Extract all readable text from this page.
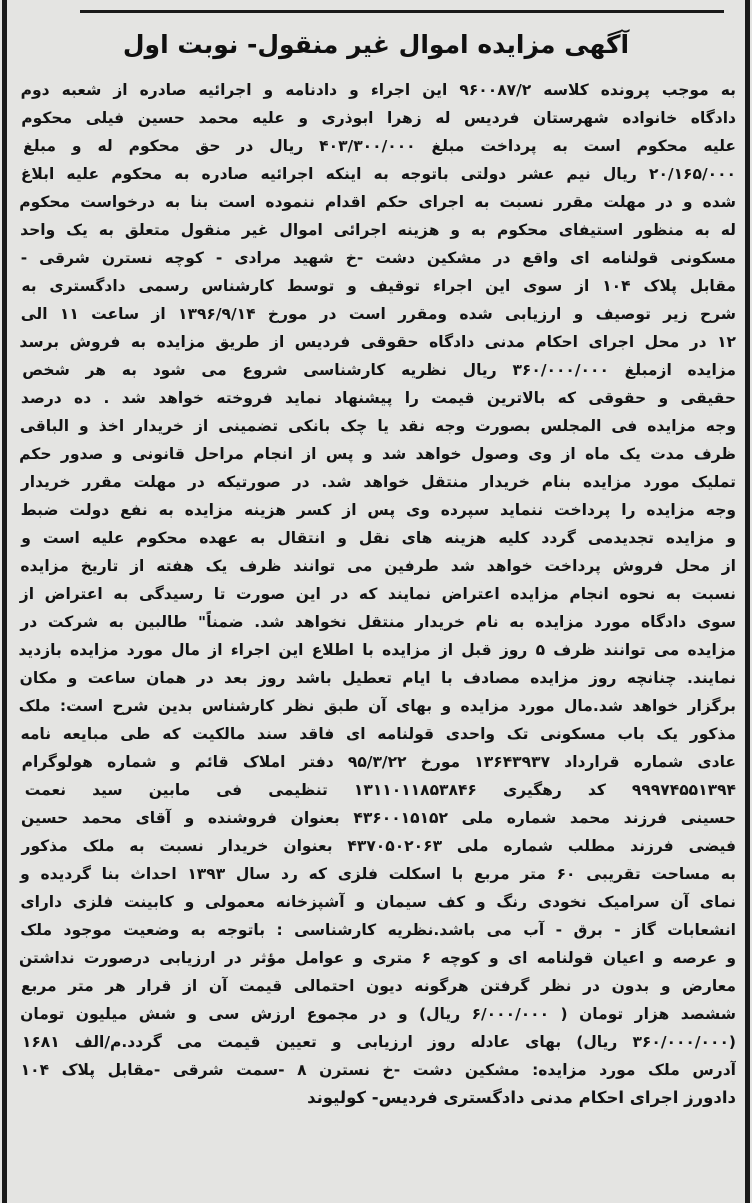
آگهی مزایده اموال غیر منقول- نوبت اول
به موجب پرونده کلاسه ۹۶۰۰۸۷/۲ این اجراء و دادنامه و اجرائیه صادره از شعبه دوم
دادگاه خانواده شهرستان فردیس له زهرا ابوذری و علیه محمد حسین فیلی محکوم
علیه محکوم است به پرداخت مبلغ ۴۰۳/۳۰۰/۰۰۰ ریال در حق محکوم له و مبلغ
۲۰/۱۶۵/۰۰۰ ریال نیم عشر دولتی باتوجه به اینکه اجرائیه صادره به محکوم علیه ابلاغ
شده و در مهلت مقرر نسبت به اجرای حکم اقدام ننموده است بنا به درخواست محکوم
له به منظور استیفای محکوم به و هزینه اجرائی اموال غیر منقول متعلق به یک واحد
مسکونی قولنامه ای واقع در مشکین دشت -خ شهید مرادی - کوچه نسترن شرقی -
مقابل پلاک ۱۰۴ از سوی این اجراء توقیف و توسط کارشناس رسمی دادگستری به
شرح زیر توصیف و ارزیابی شده ومقرر است در مورخ ۱۳۹۶/۹/۱۴ از ساعت ۱۱ الی
۱۲ در محل اجرای احکام مدنی دادگاه حقوقی فردیس از طریق مزایده به فروش برسد
مزایده ازمبلغ ۳۶۰/۰۰۰/۰۰۰ ریال نظریه کارشناسی شروع می شود به هر شخص
حقیقی و حقوقی که بالاترین قیمت را پیشنهاد نماید فروخته خواهد شد . ده درصد
وجه مزایده فی المجلس بصورت وجه نقد یا چک بانکی تضمینی از خریدار اخذ و الباقی
ظرف مدت یک ماه از وی وصول خواهد شد و پس از انجام مراحل قانونی و صدور حکم
تملیک مورد مزایده بنام خریدار منتقل خواهد شد. در صورتیکه در مهلت مقرر خریدار
وجه مزایده را پرداخت ننماید سپرده وی پس از کسر هزینه مزایده به نفع دولت ضبط
و مزایده تجدیدمی گردد کلیه هزینه های نقل و انتقال به عهده محکوم علیه است و
از محل فروش پرداخت خواهد شد طرفین می توانند ظرف یک هفته از تاریخ مزایده
نسبت به نحوه انجام مزایده اعتراض نمایند که در این صورت تا رسیدگی به اعتراض از
سوی دادگاه مورد مزایده به نام خریدار منتقل نخواهد شد. ضمناً" طالبین به شرکت در
مزایده می توانند ظرف ۵ روز قبل از مزایده با اطلاع این اجراء از مال مورد مزایده بازدید
نمایند. چنانچه روز مزایده مصادف با ایام تعطیل باشد روز بعد در همان ساعت و مکان
برگزار خواهد شد.مال مورد مزایده و بهای آن طبق نظر کارشناس بدین شرح است: ملک
مذکور یک باب مسکونی تک واحدی قولنامه ای فاقد سند مالکیت که طی مبایعه نامه
عادی شماره قرارداد ۱۳۶۴۳۹۳۷ مورخ ۹۵/۳/۲۲ دفتر املاک قائم و شماره هولوگرام
۹۹۹۷۴۵۵۱۳۹۴ کد رهگیری ۱۳۱۱۰۱۱۸۵۳۸۴۶ تنظیمی فی مابین سید نعمت
حسینی فرزند محمد شماره ملی ۴۳۶۰۰۱۵۱۵۲ بعنوان فروشنده و آقای محمد حسین
فیضی فرزند مطلب شماره ملی ۴۳۷۰۵۰۲۰۶۳ بعنوان خریدار نسبت به ملک مذکور
به مساحت تقریبی ۶۰ متر مربع با اسکلت فلزی که رد سال ۱۳۹۳ احداث بنا گردیده و
نمای آن سرامیک نخودی رنگ و کف سیمان و آشپزخانه معمولی و کابینت فلزی دارای
انشعابات گاز - برق - آب می باشد.نظریه کارشناسی : باتوجه به وضعیت موجود ملک
و عرصه و اعیان قولنامه ای و کوچه ۶ متری و عوامل مؤثر در ارزیابی درصورت نداشتن
معارض و بدون در نظر گرفتن هرگونه دیون احتمالی قیمت آن از قرار هر متر مربع
ششصد هزار تومان ( ۶/۰۰۰/۰۰۰ ریال) و در مجموع ارزش سی و شش میلیون تومان
(۳۶۰/۰۰۰/۰۰۰ ریال) بهای عادله روز ارزیابی و تعیین قیمت می گردد.م/الف ۱۶۸۱
آدرس ملک مورد مزایده: مشکین دشت -خ نسترن ۸ -سمت شرقی -مقابل پلاک ۱۰۴
دادورز اجرای احکام مدنی دادگستری فردیس- کولیوند
